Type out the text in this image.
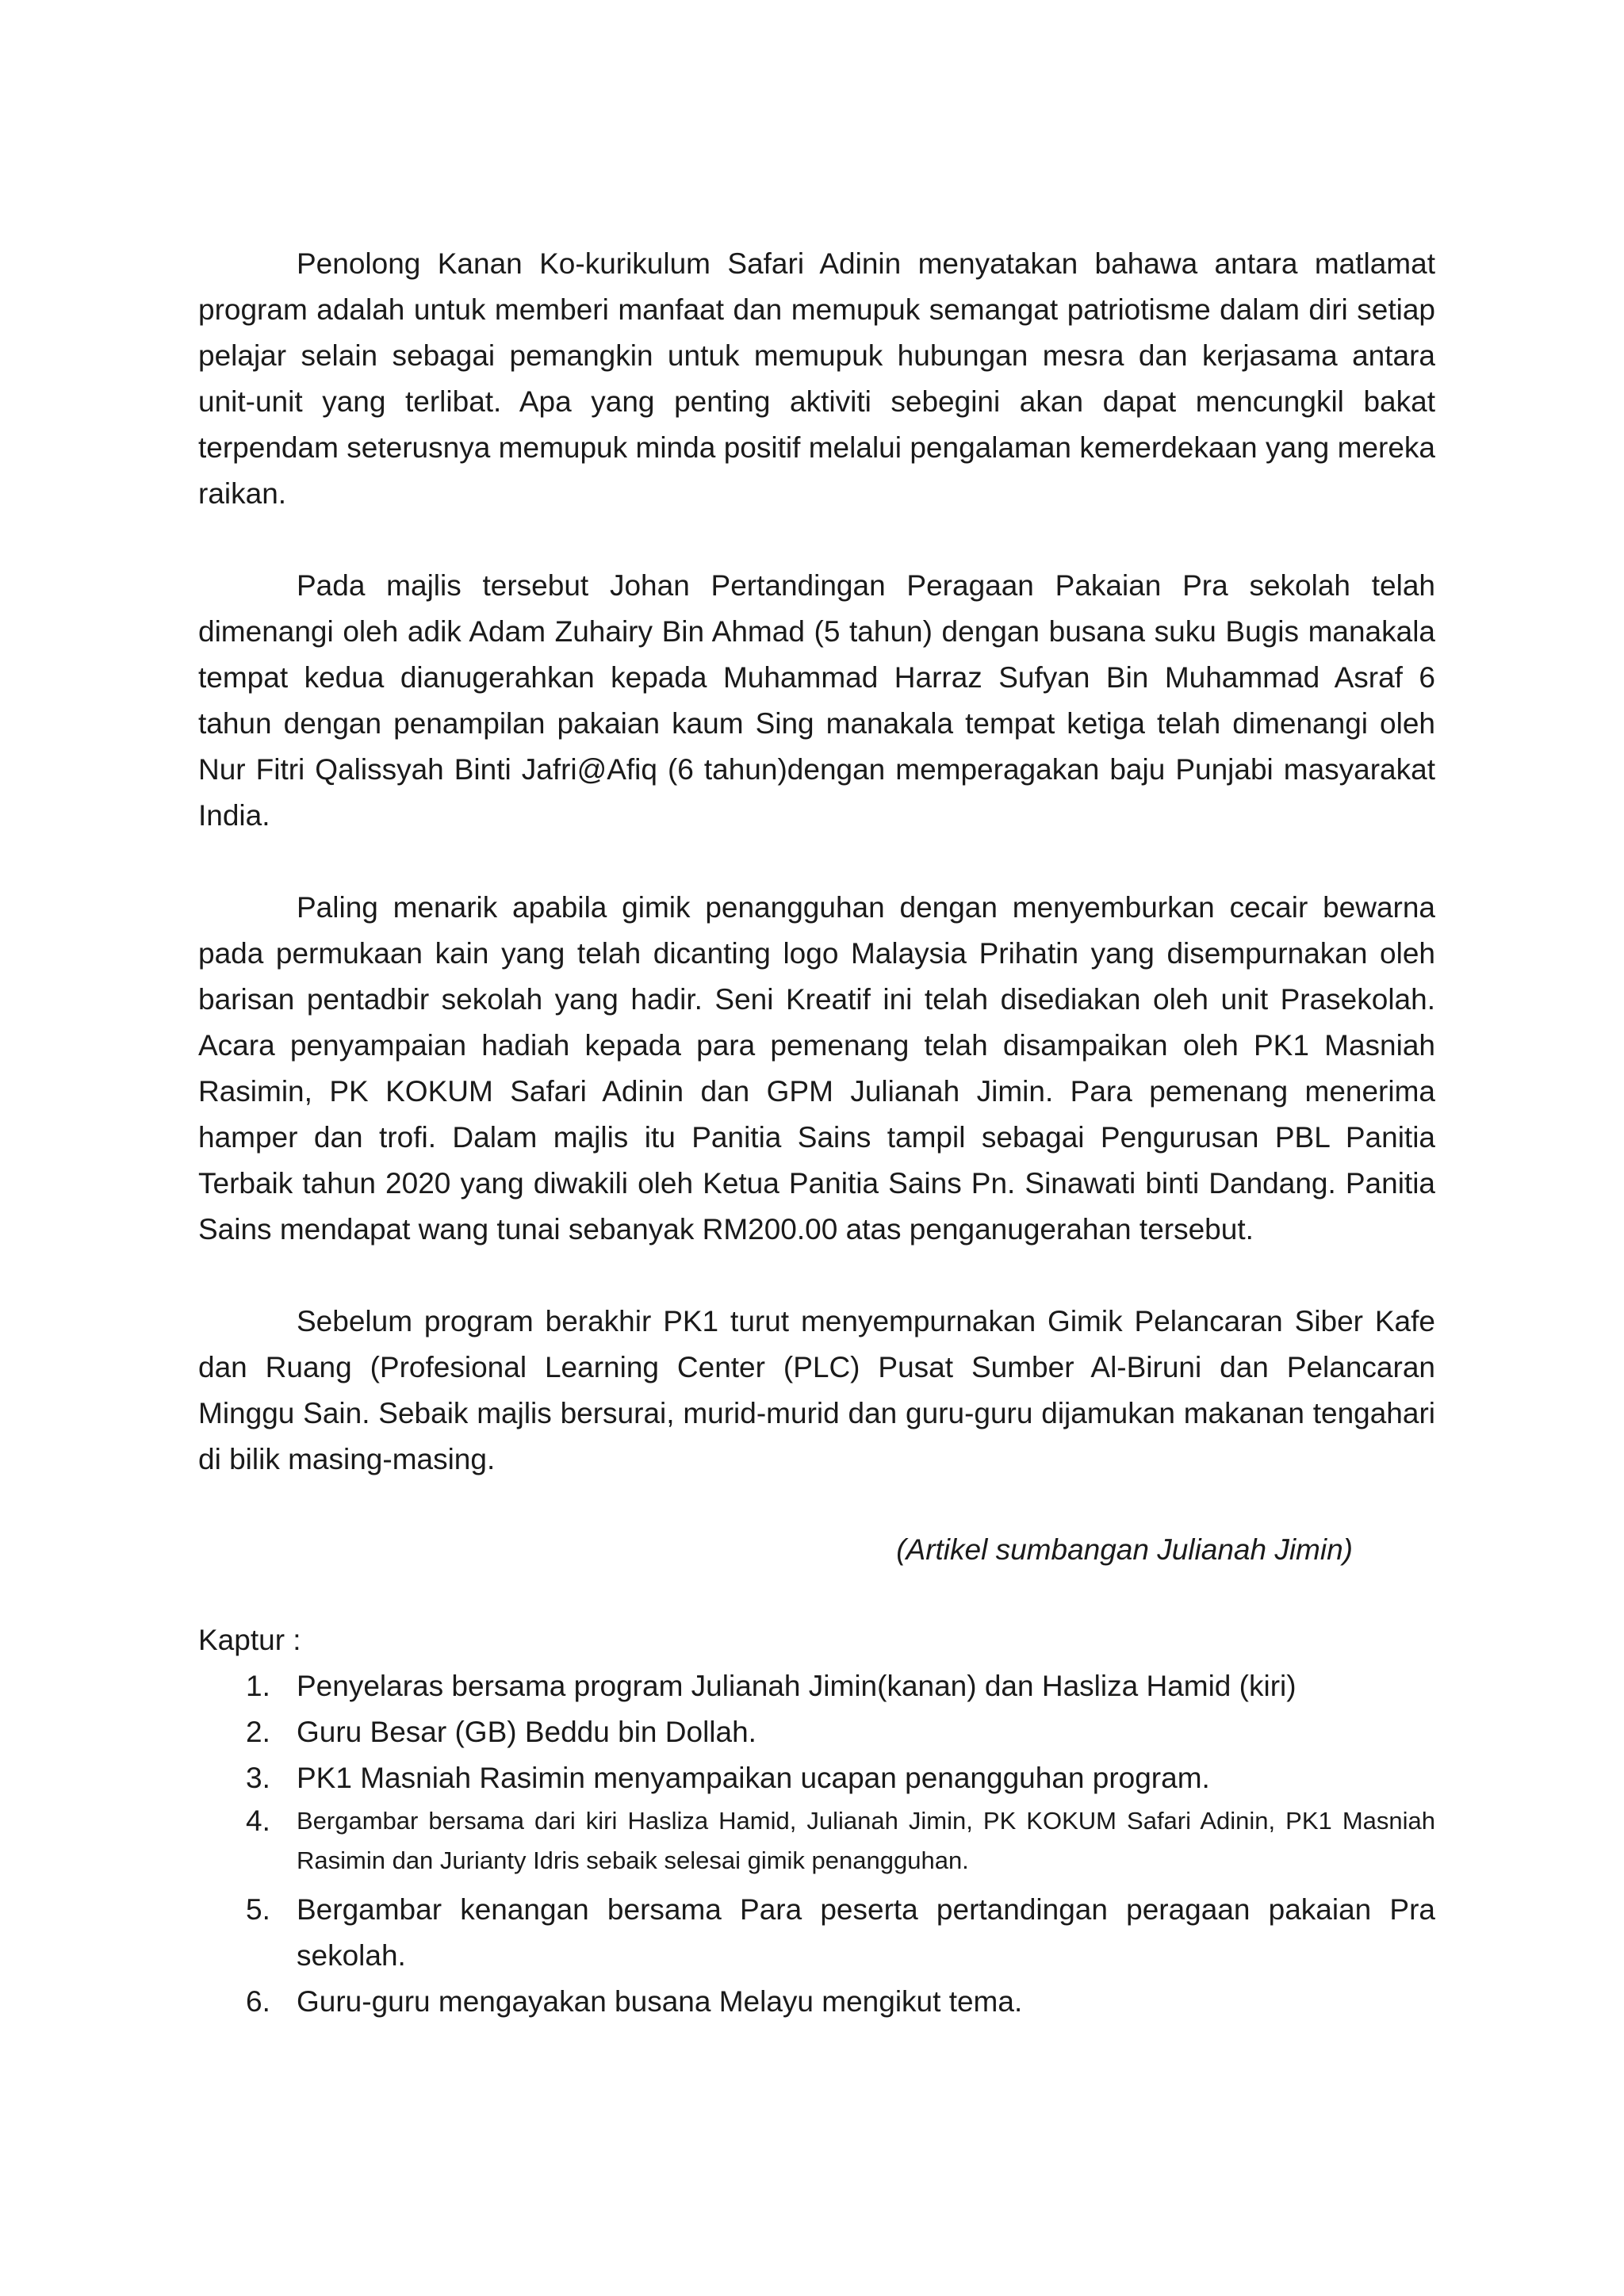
Penolong Kanan Ko-kurikulum Safari Adinin menyatakan bahawa antara matlamat program adalah untuk memberi manfaat dan memupuk semangat patriotisme dalam diri setiap pelajar selain sebagai pemangkin untuk memupuk hubungan mesra dan kerjasama antara unit-unit yang terlibat. Apa yang penting aktiviti sebegini akan dapat mencungkil bakat terpendam seterusnya memupuk minda positif melalui pengalaman kemerdekaan yang mereka raikan.

Pada majlis tersebut Johan Pertandingan Peragaan Pakaian Pra sekolah telah dimenangi oleh adik Adam Zuhairy Bin Ahmad (5 tahun) dengan busana suku Bugis manakala tempat kedua dianugerahkan kepada Muhammad Harraz Sufyan Bin Muhammad Asraf 6 tahun dengan penampilan pakaian kaum Sing manakala tempat ketiga telah dimenangi oleh Nur Fitri Qalissyah Binti Jafri@Afiq (6 tahun)dengan memperagakan baju Punjabi masyarakat India.

Paling menarik apabila gimik penangguhan dengan menyemburkan cecair bewarna pada permukaan kain yang telah dicanting logo Malaysia Prihatin yang disempurnakan oleh barisan pentadbir sekolah yang hadir. Seni Kreatif ini telah disediakan oleh unit Prasekolah. Acara penyampaian hadiah kepada para pemenang telah disampaikan oleh PK1 Masniah Rasimin, PK KOKUM Safari Adinin dan GPM Julianah Jimin. Para pemenang menerima hamper dan trofi. Dalam majlis itu Panitia Sains tampil sebagai Pengurusan PBL Panitia Terbaik tahun 2020 yang diwakili oleh Ketua Panitia Sains Pn. Sinawati binti Dandang. Panitia Sains mendapat wang tunai sebanyak RM200.00 atas penganugerahan tersebut.

Sebelum program berakhir PK1 turut menyempurnakan Gimik Pelancaran Siber Kafe dan Ruang (Profesional Learning Center (PLC) Pusat Sumber Al-Biruni dan Pelancaran Minggu Sain. Sebaik majlis bersurai, murid-murid dan guru-guru dijamukan makanan tengahari di bilik masing-masing.

(Artikel sumbangan Julianah Jimin)

Kaptur :

1. Penyelaras bersama program Julianah Jimin(kanan) dan Hasliza Hamid (kiri)
2. Guru Besar (GB) Beddu bin Dollah.
3. PK1 Masniah Rasimin menyampaikan ucapan penangguhan program.
4.	Bergambar bersama dari kiri Hasliza Hamid, Julianah Jimin, PK KOKUM Safari Adinin, PK1 Masniah Rasimin dan Jurianty Idris sebaik selesai gimik penangguhan.
5. Bergambar kenangan bersama Para peserta pertandingan peragaan pakaian Pra sekolah.
6. Guru-guru mengayakan busana Melayu mengikut tema.
